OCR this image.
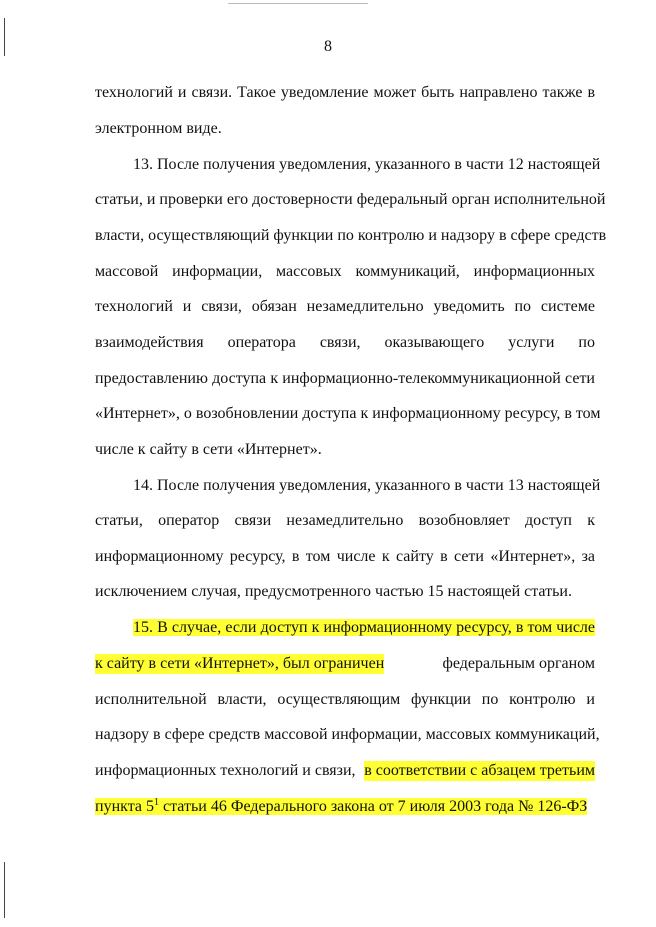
8
технологий и связи. Такое уведомление может быть направлено также в
электронном виде.
13. После получения уведомления, указанного в части 12 настоящей
статьи, и проверки его достоверности федеральный орган исполнительной
власти, осуществляющий функции по контролю и надзору в сфере средств
массовой информации, массовых коммуникаций, информационных
технологий и связи, обязан незамедлительно уведомить по системе
взаимодействия оператора связи, оказывающего услуги по
предоставлению доступа к информационно-телекоммуникационной сети
«Интернет», о возобновлении доступа к информационному ресурсу, в том
числе к сайту в сети «Интернет».
14. После получения уведомления, указанного в части 13 настоящей
статьи, оператор связи незамедлительно возобновляет доступ к
информационному ресурсу, в том числе к сайту в сети «Интернет», за
исключением случая, предусмотренного частью 15 настоящей статьи.
15. В случае, если доступ к информационному ресурсу, в том числе
к сайту в сети «Интернет», был ограничен	федеральным органом
исполнительной власти, осуществляющим функции по контролю и
надзору в сфере средств массовой информации, массовых коммуникаций,
информационных технологий и связи, в соответствии с абзацем третьим
пункта $5^1$ статьи 46 Федерального закона от 7 июля 2003 года № 126-ФЗ
